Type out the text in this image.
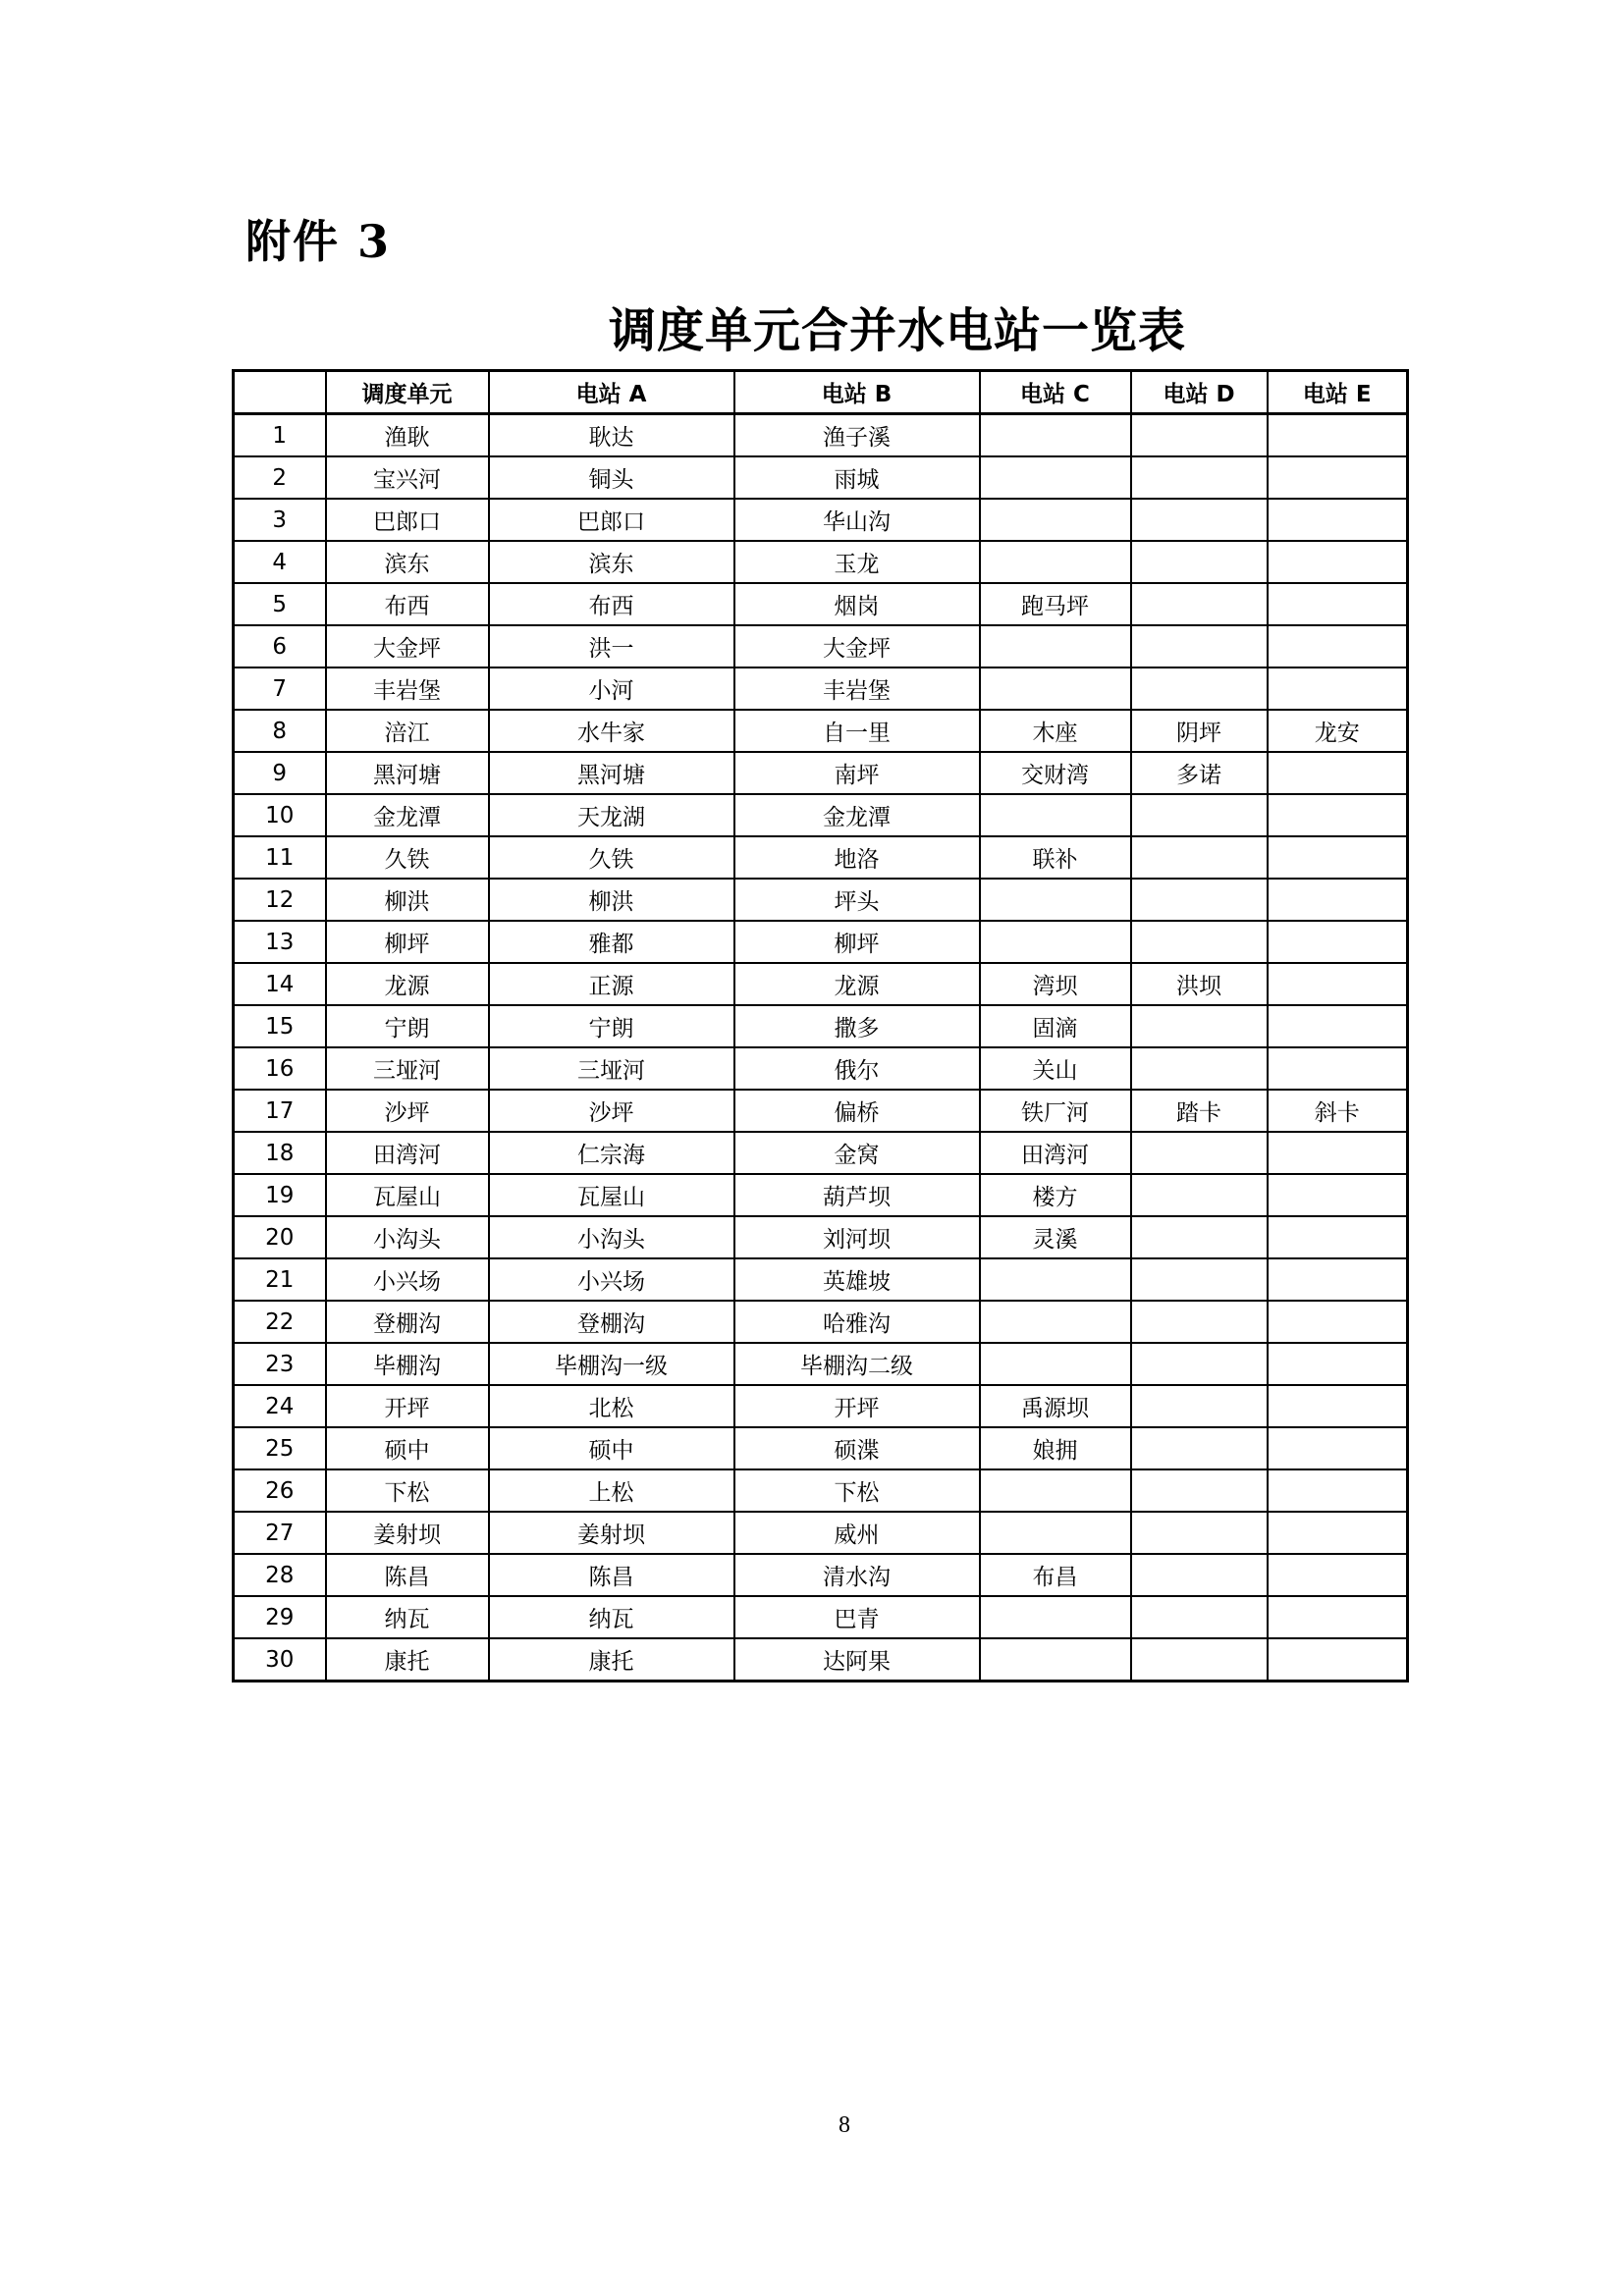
附件 3
调度单元合并水电站一览表
	调度单元	电站 A	电站 B	电站 C	电站 D	电站 E
1	渔耿	耿达	渔子溪			
2	宝兴河	铜头	雨城			
3	巴郎口	巴郎口	华山沟			
4	滨东	滨东	玉龙			
5	布西	布西	烟岗	跑马坪		
6	大金坪	洪一	大金坪			
7	丰岩堡	小河	丰岩堡			
8	涪江	水牛家	自一里	木座	阴坪	龙安
9	黑河塘	黑河塘	南坪	交财湾	多诺	
10	金龙潭	天龙湖	金龙潭			
11	久铁	久铁	地洛	联补		
12	柳洪	柳洪	坪头			
13	柳坪	雅都	柳坪			
14	龙源	正源	龙源	湾坝	洪坝	
15	宁朗	宁朗	撒多	固滴		
16	三垭河	三垭河	俄尔	关山		
17	沙坪	沙坪	偏桥	铁厂河	踏卡	斜卡
18	田湾河	仁宗海	金窝	田湾河		
19	瓦屋山	瓦屋山	葫芦坝	楼方		
20	小沟头	小沟头	刘河坝	灵溪		
21	小兴场	小兴场	英雄坡			
22	登棚沟	登棚沟	哈雅沟			
23	毕棚沟	毕棚沟一级	毕棚沟二级			
24	开坪	北松	开坪	禹源坝		
25	硕中	硕中	硕渫	娘拥		
26	下松	上松	下松			
27	姜射坝	姜射坝	威州			
28	陈昌	陈昌	清水沟	布昌		
29	纳瓦	纳瓦	巴青			
30	康托	康托	达阿果			
8
